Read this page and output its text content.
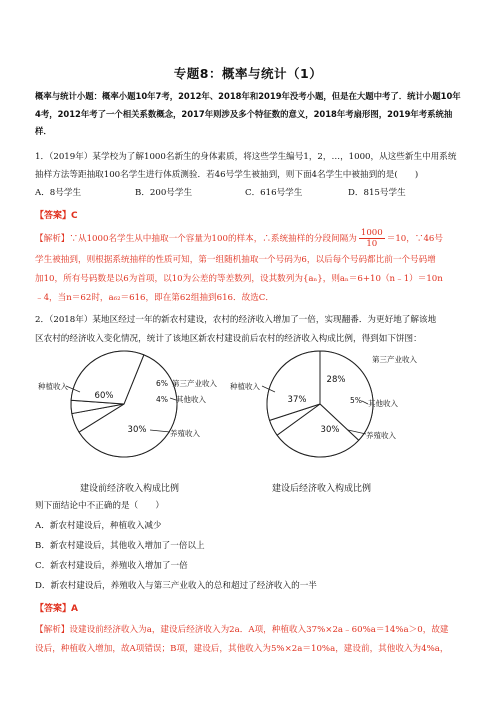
专题8：概率与统计（1）
概率与统计小题：概率小题10年7考，2012年、2018年和2019年没考小题，但是在大题中考了．统计小题10年4考，2012年考了一个相关系数概念，2017年则涉及多个特征数的意义，2018年考扇形图，2019年考系统抽样．
1．（2019年）某学校为了解1000名新生的身体素质，将这些学生编号1，2，…，1000，从这些新生中用系统抽样方法等距抽取100名学生进行体质测验．若46号学生被抽到，则下面4名学生中被抽到的是(　　)
A．8号学生	B．200号学生	C．616号学生	D．815号学生
【答案】C
【解析】∵从1000名学生从中抽取一个容量为100的样本，∴系统抽样的分段间隔为 $\frac{1000}{10} =10$，∵46号
学生被抽到，则根据系统抽样的性质可知，第一组随机抽取一个号码为6，以后每个号码都比前一个号码增
加10，所有号码数是以6为首项，以10为公差的等差数列，设其数列为{aₙ}，则aₙ＝6+10（n﹣1）＝10n
﹣4，当n＝62时，a₆₂＝616，即在第62组抽到616．故选C．
2．（2018年）某地区经过一年的新农村建设，农村的经济收入增加了一倍，实现翻番．为更好地了解该地
区农村的经济收入变化情况，统计了该地区新农村建设前后农村的经济收入构成比例，得到如下饼图：
60%
种植收入	6% 第三产业收入
4% 其他收入
30%	养殖收入
37%
种植收入
28%
第三产业收入
5% 其他收入
30%
养殖收入
建设前经济收入构成比例	建设后经济收入构成比例
则下面结论中不正确的是（　　）
A．新农村建设后，种植收入减少
B．新农村建设后，其他收入增加了一倍以上
C．新农村建设后，养殖收入增加了一倍
D．新农村建设后，养殖收入与第三产业收入的总和超过了经济收入的一半
【答案】A
【解析】设建设前经济收入为a，建设后经济收入为2a．A项，种植收入37%×2a﹣60%a＝14%a＞0，故建
设后，种植收入增加，故A项错误；B项，建设后，其他收入为5%×2a＝10%a，建设前，其他收入为4%a，
